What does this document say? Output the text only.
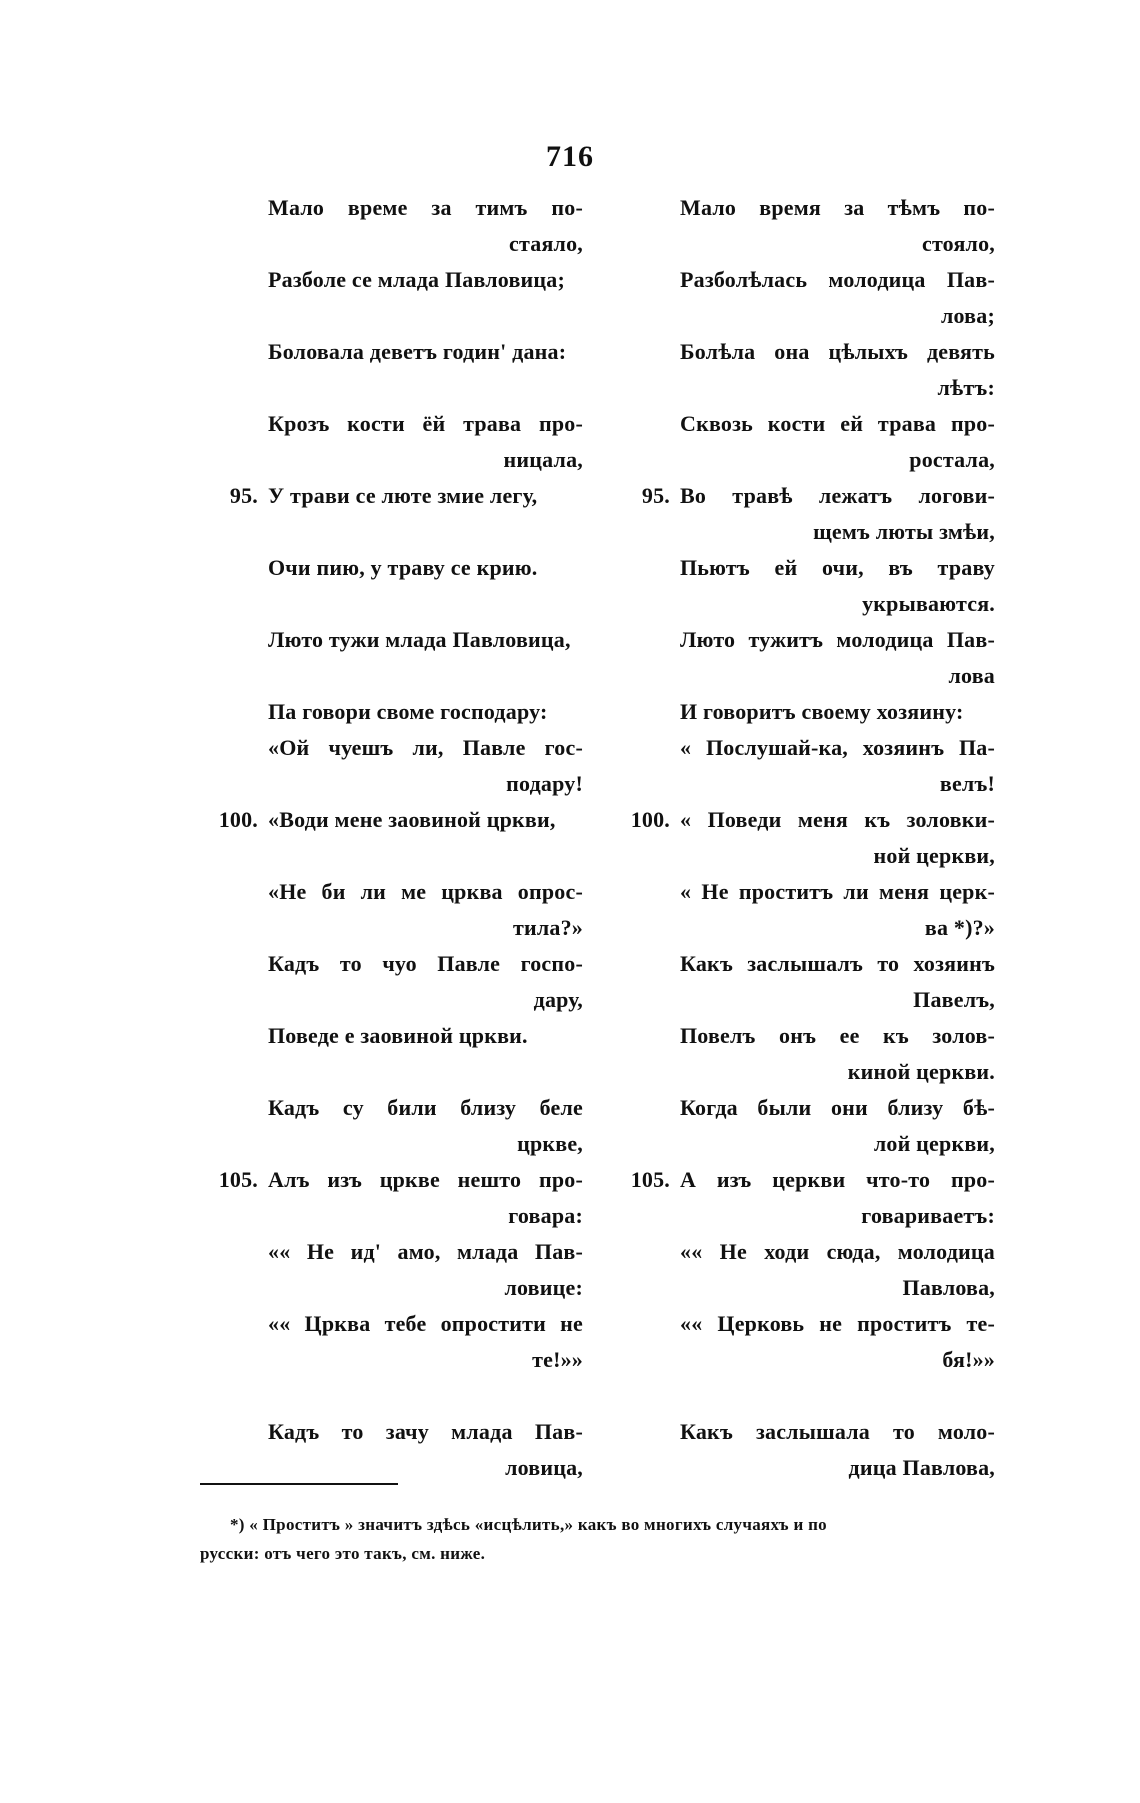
716
Мало време за тимъ по-
стаяло,
Разболе се млада Павловица;
Боловала деветъ годин' дана:
Крозъ кости ёй трава про-
ницала,
95. У трави се люте змие легу,
Очи пию, у траву се крию.
Люто тужи млада Павловица,
Па говори своме господару:
«Ой чуешъ ли, Павле гос-
подару!
100. «Води мене заовиной цркви,
«Не би ли ме црква опрос-
тила?»
Кадъ то чуо Павле госпо-
дару,
Поведе е заовиной цркви.
Кадъ су били близу беле
цркве,
105. Алъ изъ цркве нешто про-
говара:
«« Не ид' амо, млада Пав-
ловице:
«« Црква тебе опростити не
те!»»
Кадъ то зачу млада Пав-
ловица,
Мало время за тѣмъ по-
стояло,
Разболѣлась молодица Пав-
лова;
Болѣла она цѣлыхъ девять
лѣтъ:
Сквозь кости ей трава про-
ростала,
95. Во травѣ лежатъ логови-
щемъ люты змѣи,
Пьютъ ей очи, въ траву
укрываются.
Люто тужитъ молодица Пав-
лова
И говоритъ своему хозяину:
« Послушай-ка, хозяинъ Па-
велъ!
100. « Поведи меня къ золовки-
ной церкви,
« Не проститъ ли меня церк-
ва *)?»
Какъ заслышалъ то хозяинъ
Павелъ,
Повелъ онъ ее къ золов-
киной церкви.
Когда были они близу бѣ-
лой церкви,
105. А изъ церкви что-то про-
говариваетъ:
«« Не ходи сюда, молодица
Павлова,
«« Церковь не проститъ те-
бя!»»
Какъ заслышала то моло-
дица Павлова,
*) « Проститъ » значитъ здѣсь «исцѣлить,» какъ во многихъ случаяхъ и по
русски: отъ чего это такъ, см. ниже.
